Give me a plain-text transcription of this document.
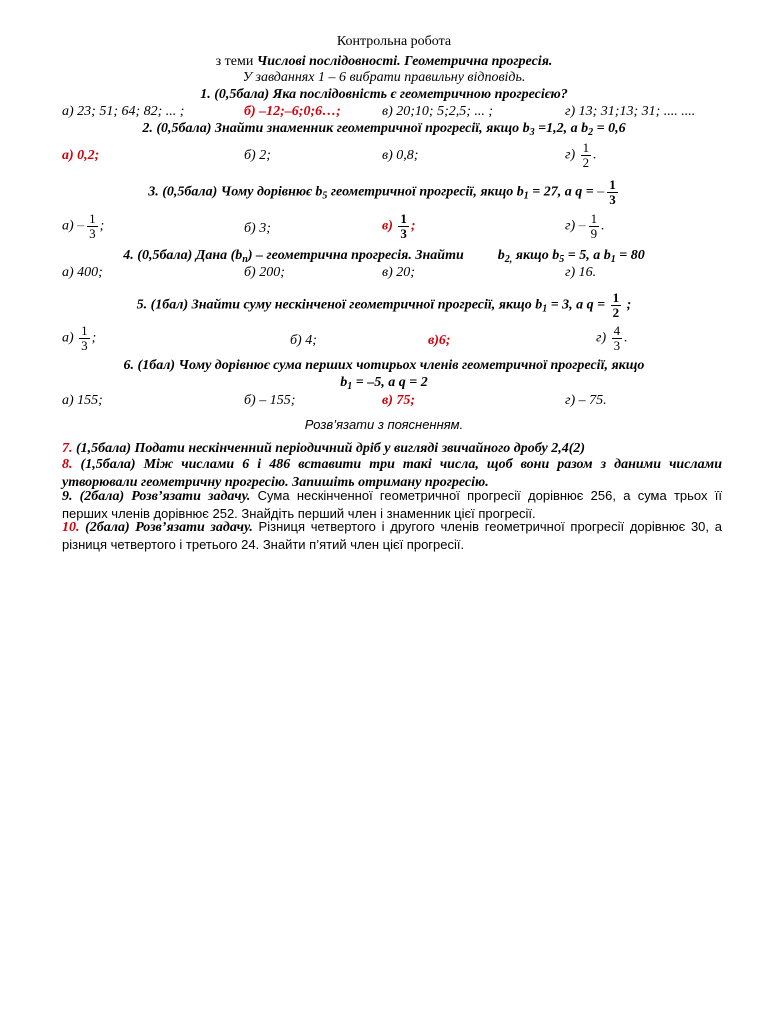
Контрольна робота
з теми Числові послідовності. Геометрична прогресія.
У завданнях 1 – 6 вибрати правильну відповідь.
1. (0,5бала) Яка послідовність є геометричною прогресією?
а) 23; 51; 64; 82; ... ;	б) –12;–6;0;6…;	в) 20;10; 5;2,5; ... ;	г) 13; 31;13; 31; .... ....
2. (0,5бала) Знайти знаменник геометричної прогресії, якщо $b_3 =1,2$, а $b_2 = 0,6$
а) 0,2;	б) 2;	в) 0,8;	$г) \frac{1}{2}$ .
3. (0,5бала) Чому дорівнює $b_5$ геометричної прогресії, якщо $b_1 = 27$, а q = – $\frac{1}{3}$
$а) - \frac{1}{3}$ ;	б) 3;	$в) \frac{1}{3}$ ;	$г) - \frac{1}{9}$ .
4. (0,5бала) Дана $(b_n)$ – геометрична прогресія. Знайти $b_{2,}$ якщо $b_5 = 5$, а $b_1 = 80$
а) 400;	б) 200;	в) 20;	г) 16.
5. (1бал) Знайти суму нескінченої геометричної прогресії, якщо $b_1 = 3$, а $q = \frac{1}{2}$ ;
$а) \frac{1}{3}$ ;	б) 4;	в)6;	$г) \frac{4}{3}$ .
6. (1бал) Чому дорівнює сума перших чотирьох членів геометричної прогресії, якщо
$b_1 = -5$, а q = 2
а) 155;	б) – 155;	в) 75;	г) – 75.
Розв’язати з поясненням.
7. (1,5бала) Подати нескінченний періодичний дріб у вигляді звичайного дробу 2,4(2)
8. (1,5бала) Між числами 6 і 486 вставити три такі числа, щоб вони разом з даними числами утворювали геометричну прогресію. Запишіть отриману прогресію.
9. (2бала) Розв’язати задачу. Сума нескінченної геометричної прогресії дорівнює 256, а сума трьох її перших членів дорівнює 252. Знайдіть перший член і знаменник цієї прогресії.
10. (2бала) Розв’язати задачу. Різниця четвертого і другого членів геометричної прогресії дорівнює 30, а різниця четвертого і третього 24. Знайти п’ятий член цієї прогресії.
